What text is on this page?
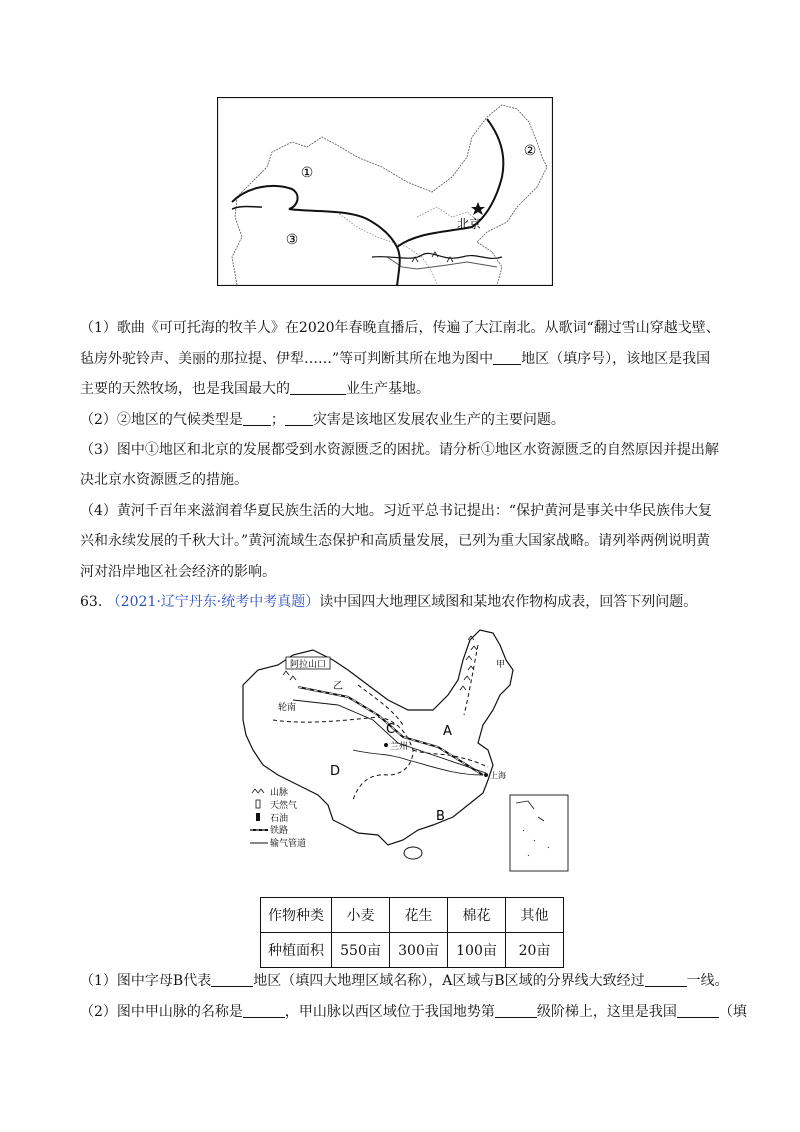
①
②
③
北京
（1）歌曲《可可托海的牧羊人》在2020年春晚直播后，传遍了大江南北。从歌词“翻过雪山穿越戈壁、
毡房外驼铃声、美丽的那拉提、伊犁……”等可判断其所在地为图中 地区（填序号），该地区是我国
主要的天然牧场，也是我国最大的	业生产基地。
（2）②地区的气候类型是 ； 灾害是该地区发展农业生产的主要问题。
（3）图中①地区和北京的发展都受到水资源匮乏的困扰。请分析①地区水资源匮乏的自然原因并提出解
决北京水资源匮乏的措施。
（4）黄河千百年来滋润着华夏民族生活的大地。习近平总书记提出：“保护黄河是事关中华民族伟大复
兴和永续发展的千秋大计。”黄河流域生态保护和高质量发展，已列为重大国家战略。请列举两例说明黄
河对沿岸地区社会经济的影响。
63. （2021·辽宁丹东·统考中考真题）读中国四大地理区域图和某地农作物构成表，回答下列问题。
阿拉山口
乙
轮南
C	A
兰州
D
B
上海
甲
山脉
天然气
石油
铁路
输气管道
作物种类	小麦	花生	棉花	其他
种植面积	550亩	300亩	100亩	20亩
（1）图中字母B代表	地区（填四大地理区域名称），A区域与B区域的分界线大致经过	一线。
（2）图中甲山脉的名称是	，甲山脉以西区域位于我国地势第	级阶梯上，这里是我国	（填
